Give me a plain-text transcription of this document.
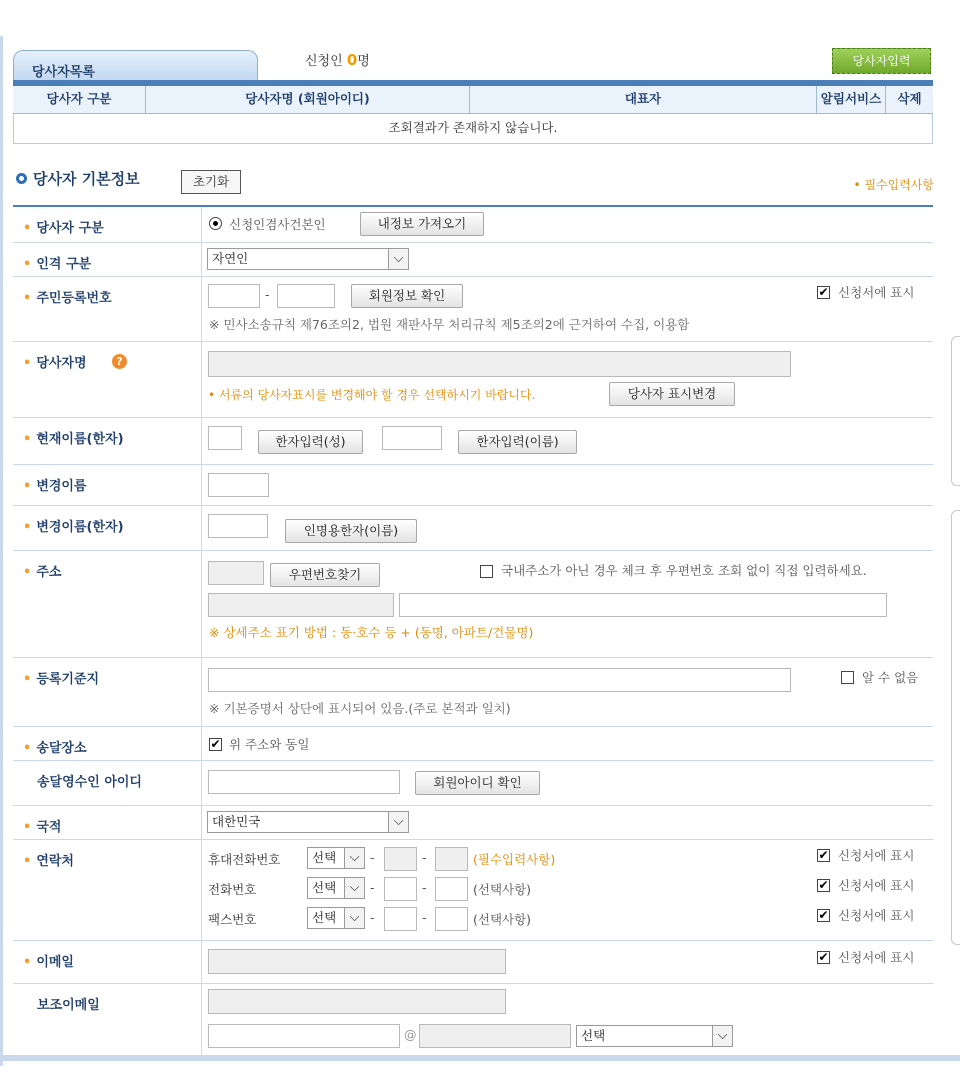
당사자목록
신청인 0명	당사자입력
당사자 구분	당사자명 (회원아이디)	대표자	알림서비스	삭제
조회결과가 존재하지 않습니다.
당사자 기본정보	초기화	• 필수입력사항
• 당사자 구분	신청인겸사건본인	내정보 가져오기
• 인격 구분	자연인	⌵
• 주민등록번호	-	회원정보 확인	✔ 신청서에 표시
※ 민사소송규칙 제76조의2, 법원 재판사무 처리규칙 제5조의2에 근거하여 수집, 이용함
• 당사자명	?
• 서류의 당사자표시를 변경해야 할 경우 선택하시기 바랍니다.	당사자 표시변경
• 현재이름(한자)	한자입력(성)	한자입력(이름)
• 변경이름
• 변경이름(한자)	인명용한자(이름)
• 주소	우편번호찾기	국내주소가 아닌 경우 체크 후 우편번호 조회 없이 직접 입력하세요.
※ 상세주소 표기 방법 : 동·호수 등 + (동명, 아파트/건물명)
• 등록기준지	알 수 없음
※ 기본증명서 상단에 표시되어 있음.(주로 본적과 일치)
• 송달장소	✔ 위 주소와 동일
송달영수인 아이디	회원아이디 확인
• 국적	대한민국	⌵
• 연락처	휴대전화번호	선택	⌵ -	-	(필수입력사항)	✔ 신청서에 표시
전화번호	선택	⌵ -	-	(선택사항)	✔ 신청서에 표시
팩스번호	선택	⌵ -	-	(선택사항)	✔ 신청서에 표시
• 이메일	✔ 신청서에 표시
보조이메일
@	선택	⌵
